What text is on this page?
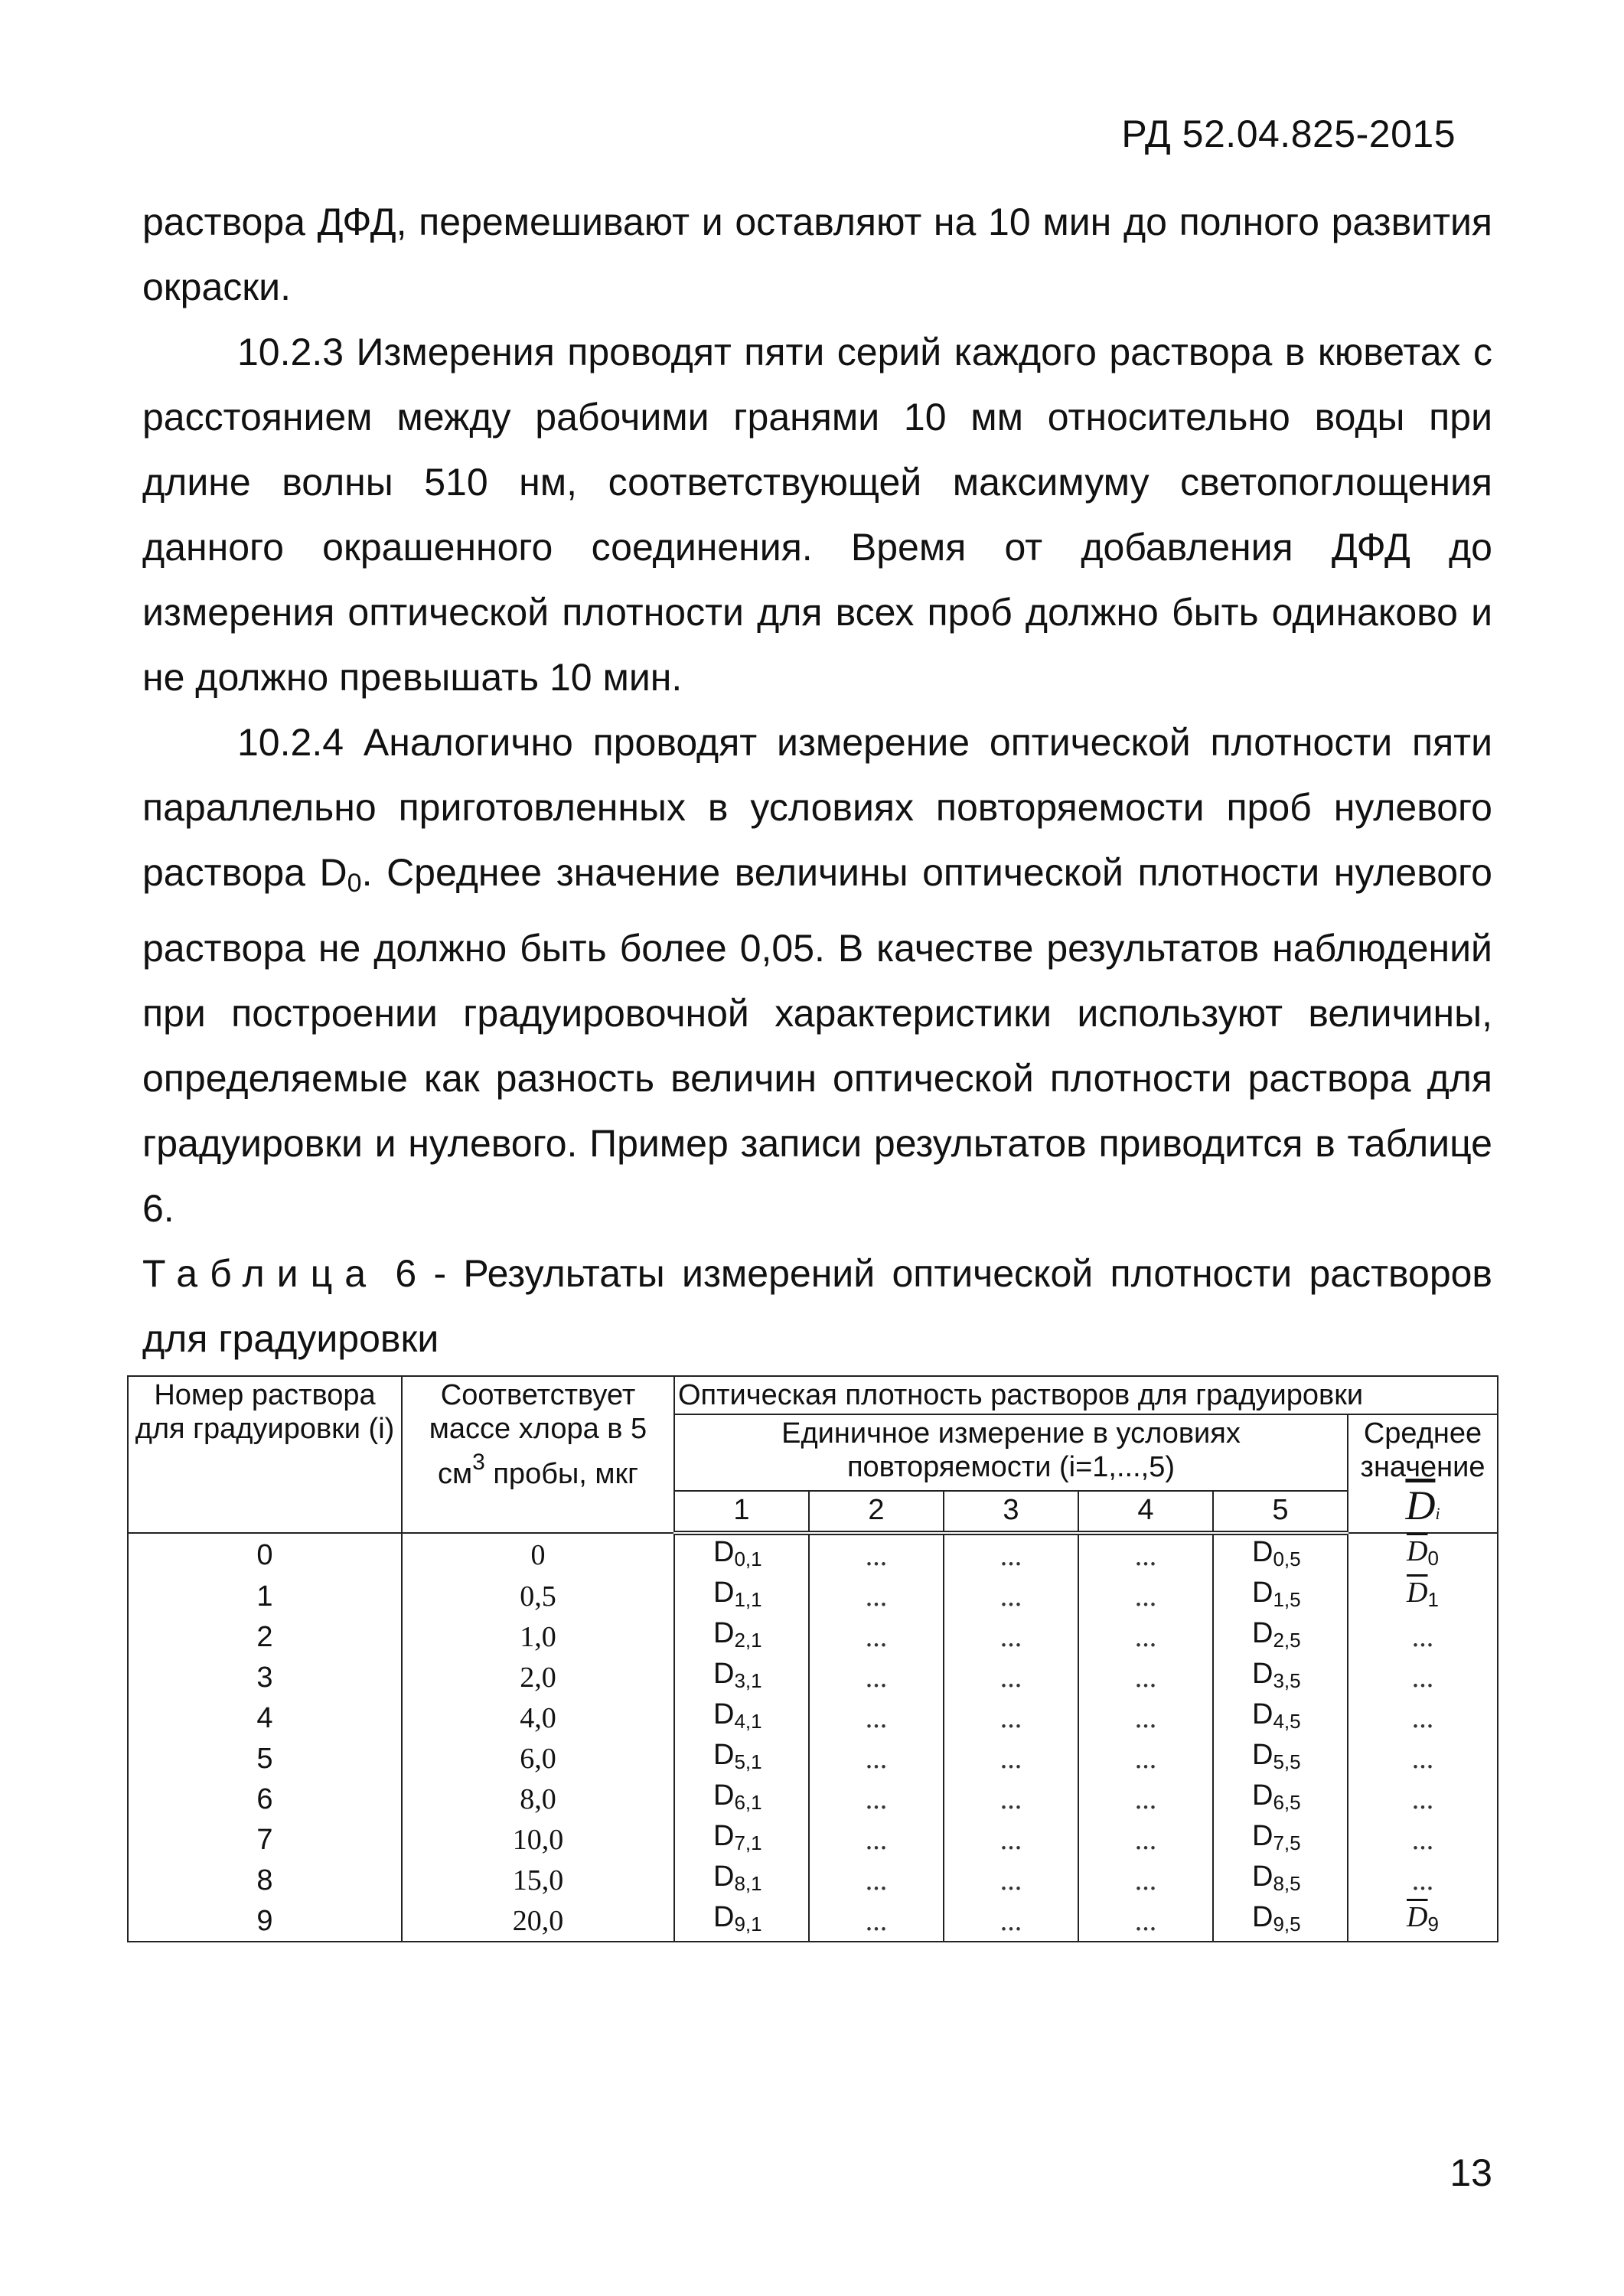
РД 52.04.825-2015

раствора ДФД, перемешивают и оставляют на 10 мин до полного развития окраски.

10.2.3 Измерения проводят пяти серий каждого раствора в кюветах с расстоянием между рабочими гранями 10 мм относительно воды при длине волны 510 нм, соответствующей максимуму светопоглощения данного окрашенного соединения. Время от добавления ДФД до измерения оптической плотности для всех проб должно быть одинаково и не должно превышать 10 мин.

10.2.4 Аналогично проводят измерение оптической плотности пяти параллельно приготовленных в условиях повторяемости проб нулевого раствора $D_0$. Среднее значение величины оптической плотности нулевого раствора не должно быть более 0,05. В качестве результатов наблюдений при построении градуировочной характеристики используют величины, определяемые как разность величин оптической плотности раствора для градуировки и нулевого. Пример записи результатов приводится в таблице 6.

Таблица 6 - Результаты измерений оптической плотности растворов для градуировки

Номер раствора для градуировки (i)	Соответствует массе хлора в 5 $см^3$ пробы, мкг	Оптическая плотность растворов для градуировки					
		Единичное измерение в условиях повторяемости (i=1,...,5)					Среднее значение
$\overline{D}i$

		1	2	3	4	5	
0	0	D0,1	...	...	...	D0,5	$\overline{D}0$
1	0,5	D1,1	...	...	...	D1,5	$\overline{D}1$
2	1,0	D2,1	...	...	...	D2,5	...
3	2,0	D3,1	...	...	...	D3,5	...
4	4,0	D4,1	...	...	...	D4,5	...
5	6,0	D5,1	...	...	...	D5,5	...
6	8,0	D6,1	...	...	...	D6,5	...
7	10,0	D7,1	...	...	...	D7,5	...
8	15,0	D8,1	...	...	...	D8,5	...
9	20,0	D9,1	...	...	...	D9,5	$\overline{D}9$
13
